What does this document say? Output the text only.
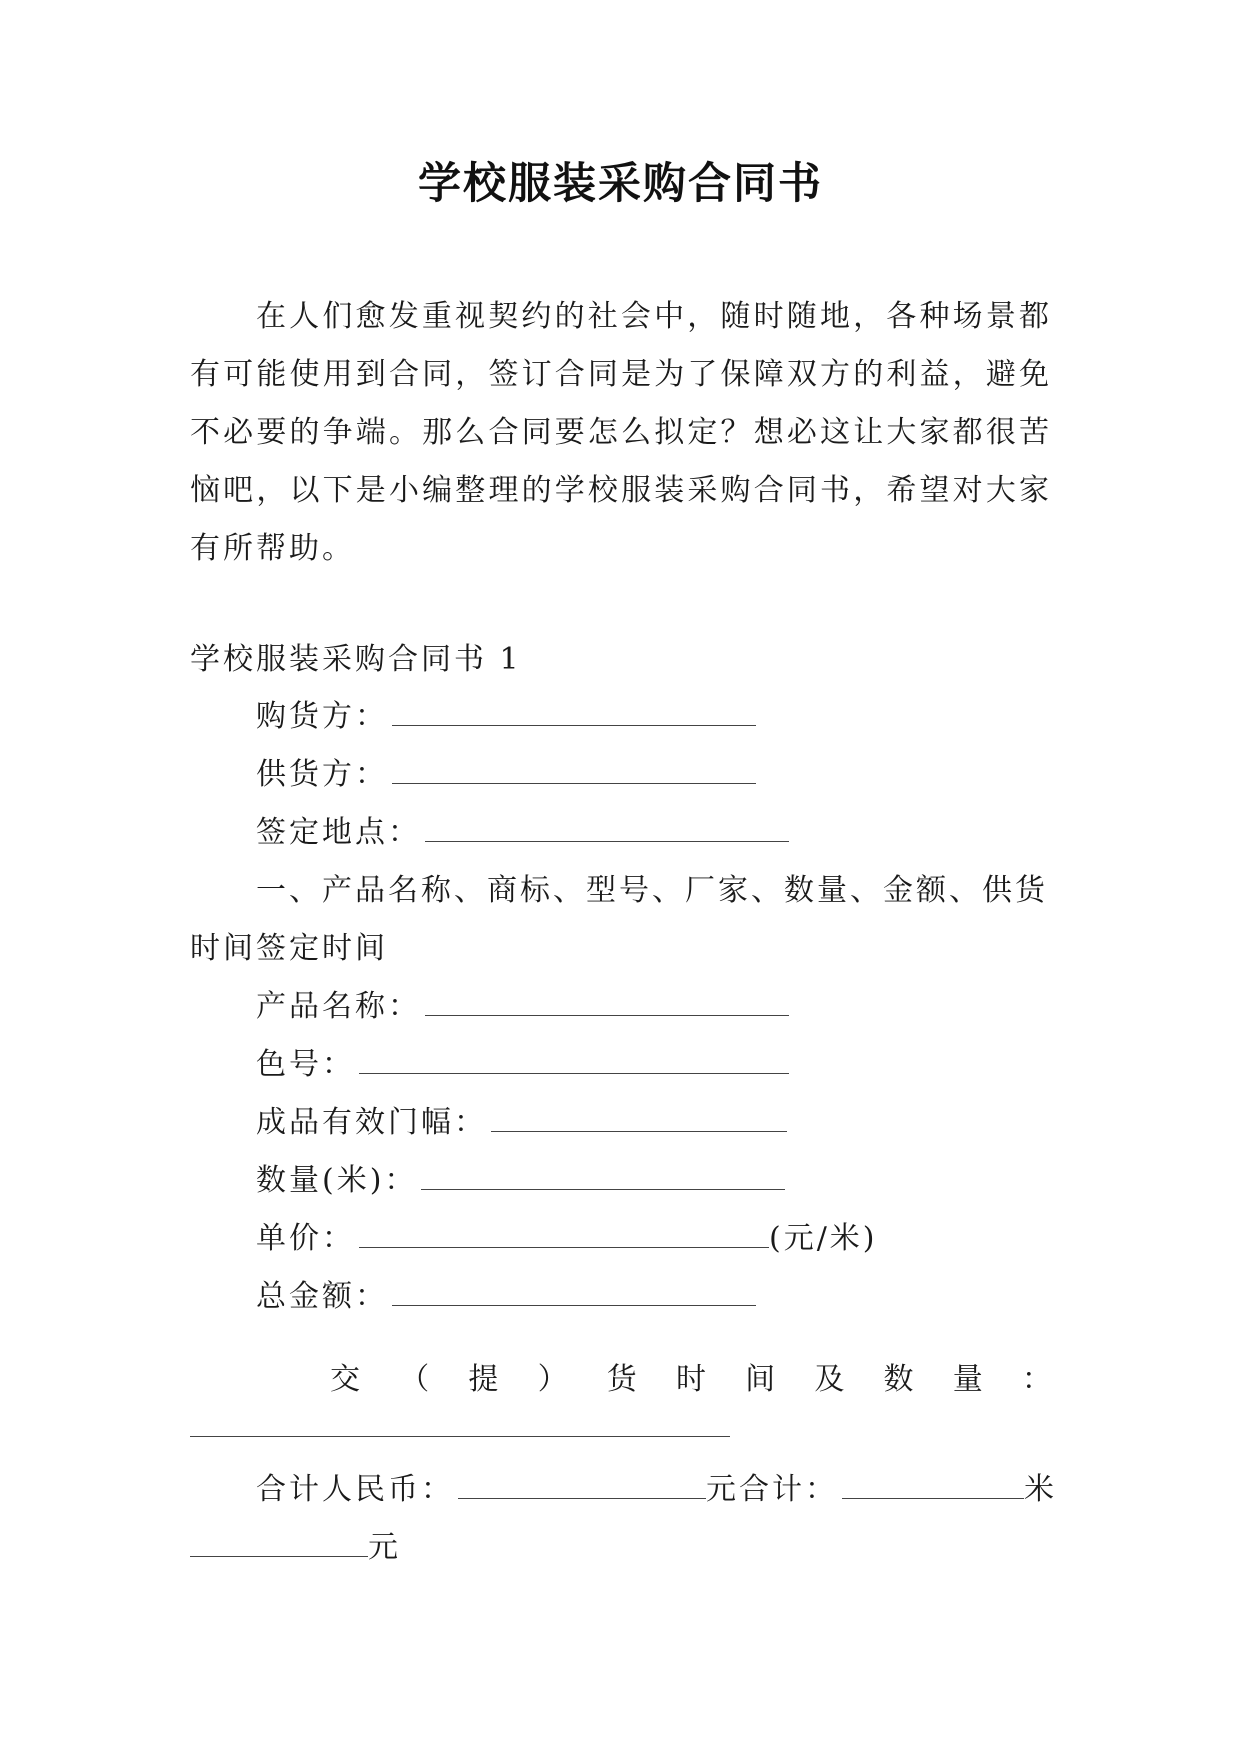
学校服装采购合同书
在人们愈发重视契约的社会中，随时随地，各种场景都有可能使用到合同，签订合同是为了保障双方的利益，避免不必要的争端。那么合同要怎么拟定？想必这让大家都很苦恼吧，以下是小编整理的学校服装采购合同书，希望对大家有所帮助。
学校服装采购合同书 1
购货方：
供货方：
签定地点：
一、产品名称、商标、型号、厂家、数量、金额、供货
时间签定时间
产品名称：
色号：
成品有效门幅：
数量(米)：
单价：	(元/米)
总金额：
交 （ 提 ） 货 时 间 及 数 量 ：
合计人民币：	元合计：	米
元
